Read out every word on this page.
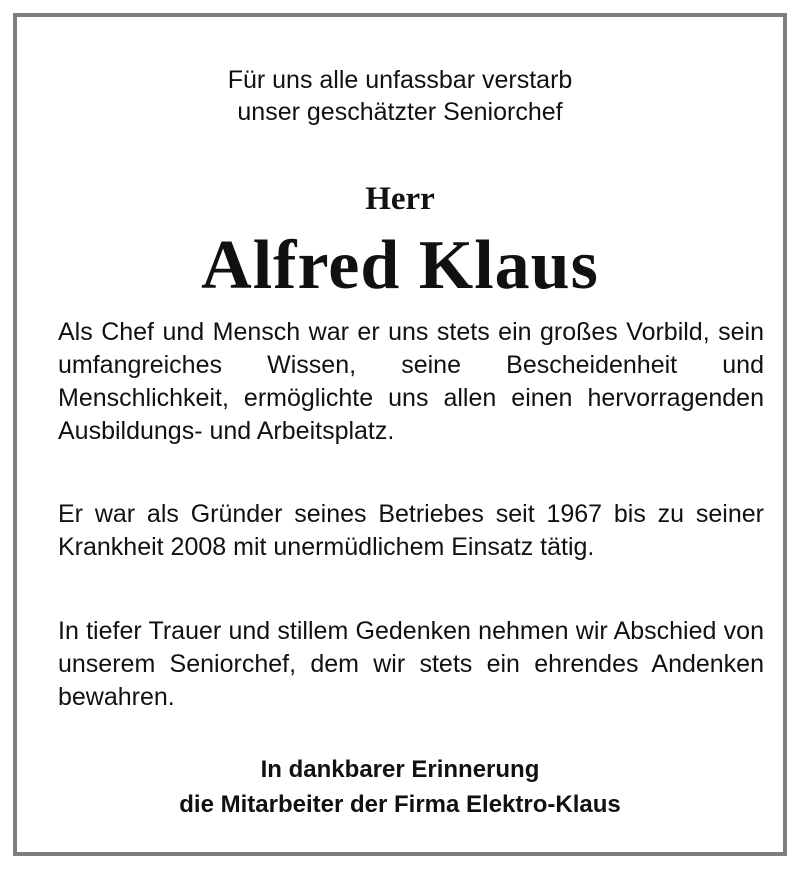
Für uns alle unfassbar verstarb
unser geschätzter Seniorchef
Herr
Alfred Klaus
Als Chef und Mensch war er uns stets ein großes Vorbild, sein umfangreiches Wissen, seine Bescheidenheit und Menschlichkeit, ermöglichte uns allen einen hervorragenden Ausbildungs- und Arbeitsplatz.
Er war als Gründer seines Betriebes seit 1967 bis zu seiner Krankheit 2008 mit unermüdlichem Einsatz tätig.
In tiefer Trauer und stillem Gedenken nehmen wir Abschied von unserem Seniorchef, dem wir stets ein ehrendes Andenken bewahren.
In dankbarer Erinnerung
die Mitarbeiter der Firma Elektro-Klaus
